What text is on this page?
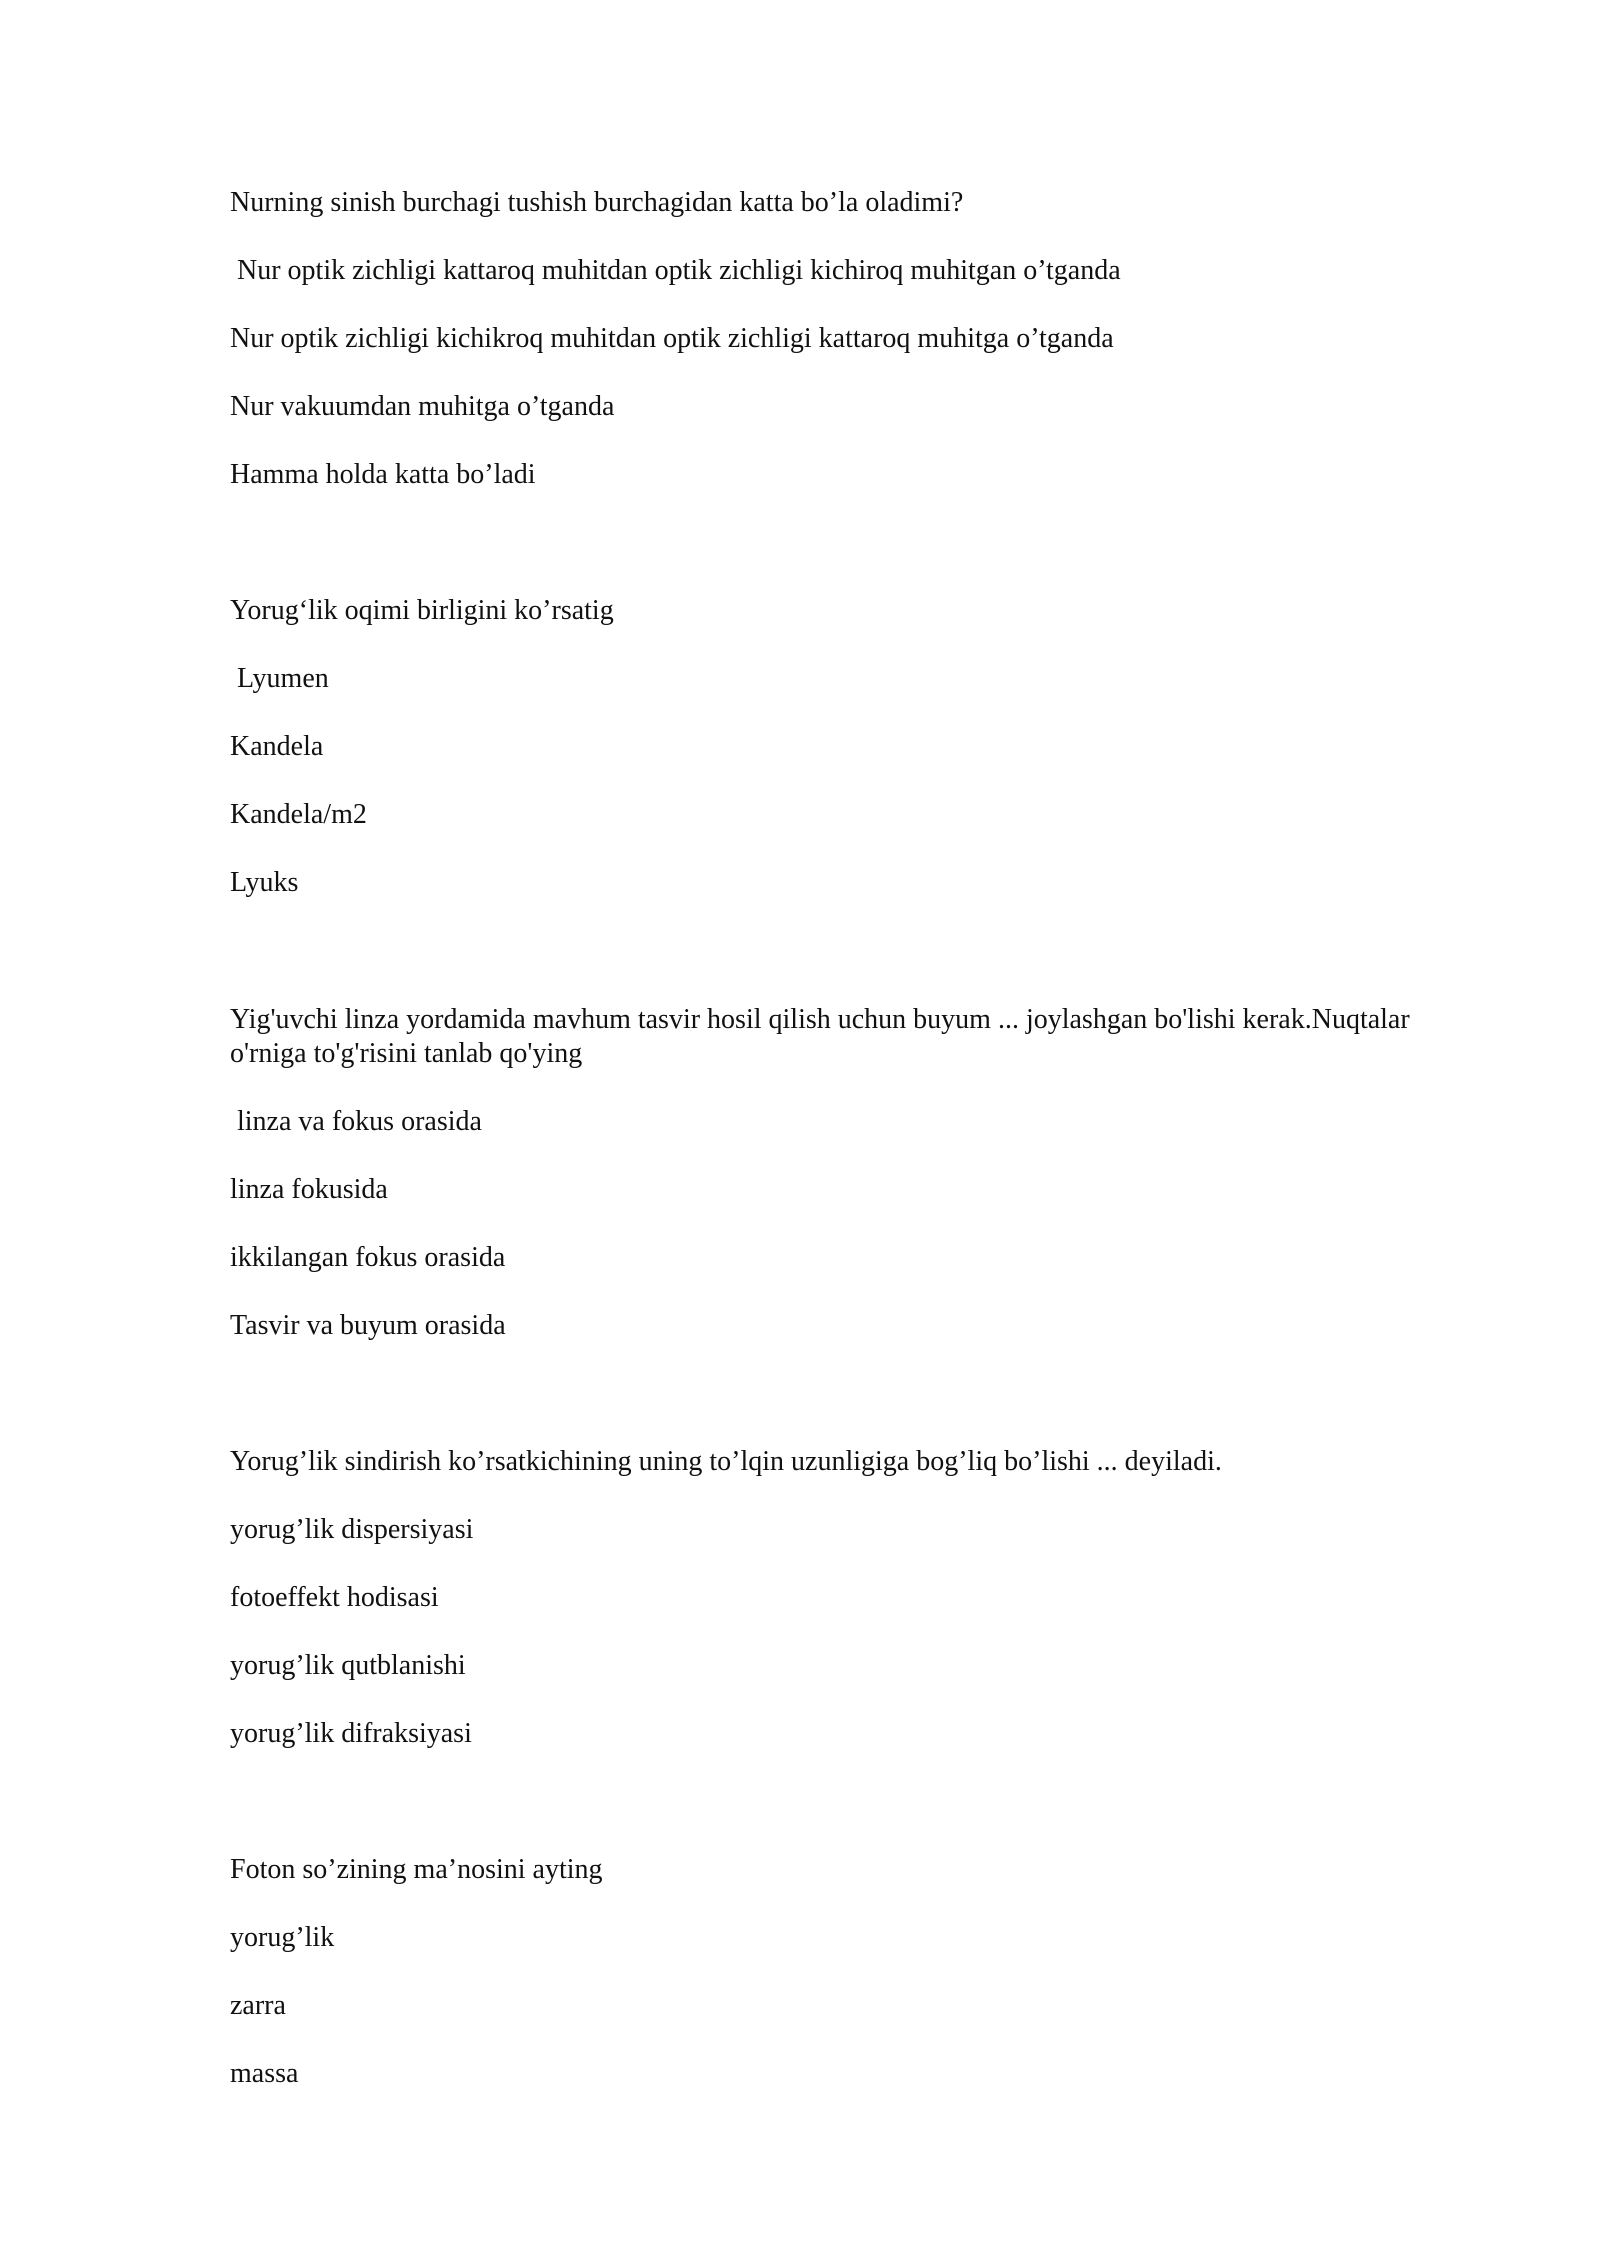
Nurning sinish burchagi tushish burchagidan katta bo’la oladimi?
Nur optik zichligi kattaroq muhitdan optik zichligi kichiroq muhitgan o’tganda
Nur optik zichligi kichikroq muhitdan optik zichligi kattaroq muhitga o’tganda
Nur vakuumdan muhitga o’tganda
Hamma holda katta bo’ladi
Yorug‘lik oqimi birligini ko’rsatig
Lyumen
Kandela
Kandela/m2
Lyuks
Yig'uvchi linza yordamida mavhum tasvir hosil qilish uchun buyum ... joylashgan bo'lishi kerak.Nuqtalar o'rniga to'g'risini tanlab qo'ying
linza va fokus orasida
linza fokusida
ikkilangan fokus orasida
Tasvir va buyum orasida
Yorug’lik sindirish ko’rsatkichining uning to’lqin uzunligiga bog’liq bo’lishi ... deyiladi.
yorug’lik dispersiyasi
fotoeffekt hodisasi
yorug’lik qutblanishi
yorug’lik difraksiyasi
Foton so’zining ma’nosini ayting
yorug’lik
zarra
massa
